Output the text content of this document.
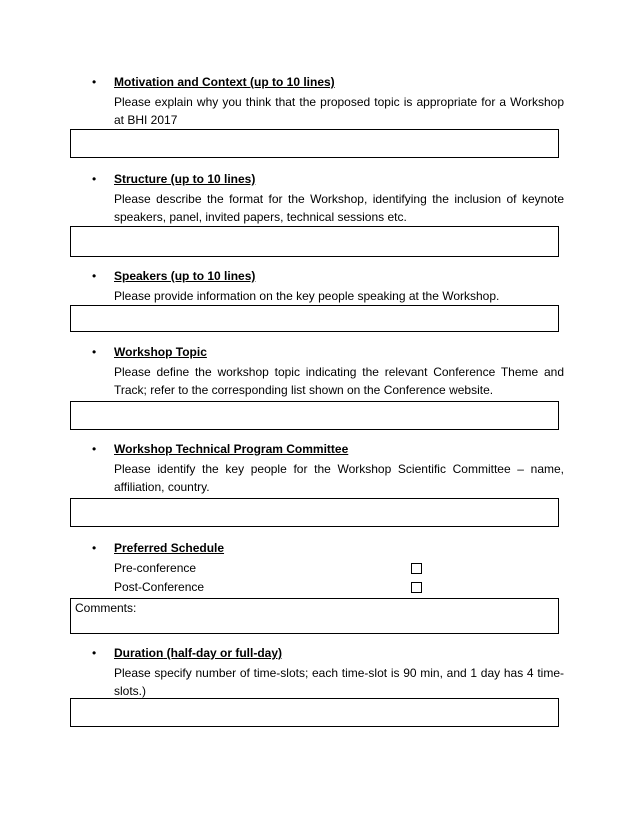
• Motivation and Context (up to 10 lines)
Please explain why you think that the proposed topic is appropriate for a Workshop at BHI 2017
• Structure (up to 10 lines)
Please describe the format for the Workshop, identifying the inclusion of keynote speakers, panel, invited papers, technical sessions etc.
• Speakers (up to 10 lines)
Please provide information on the key people speaking at the Workshop.
• Workshop Topic
Please define the workshop topic indicating the relevant Conference Theme and Track; refer to the corresponding list shown on the Conference website.
• Workshop Technical Program Committee
Please identify the key people for the Workshop Scientific Committee – name, affiliation, country.
• Preferred Schedule
Pre-conference
Post-Conference
Comments:
• Duration (half-day or full-day)
Please specify number of time-slots; each time-slot is 90 min, and 1 day has 4 time-slots.)
